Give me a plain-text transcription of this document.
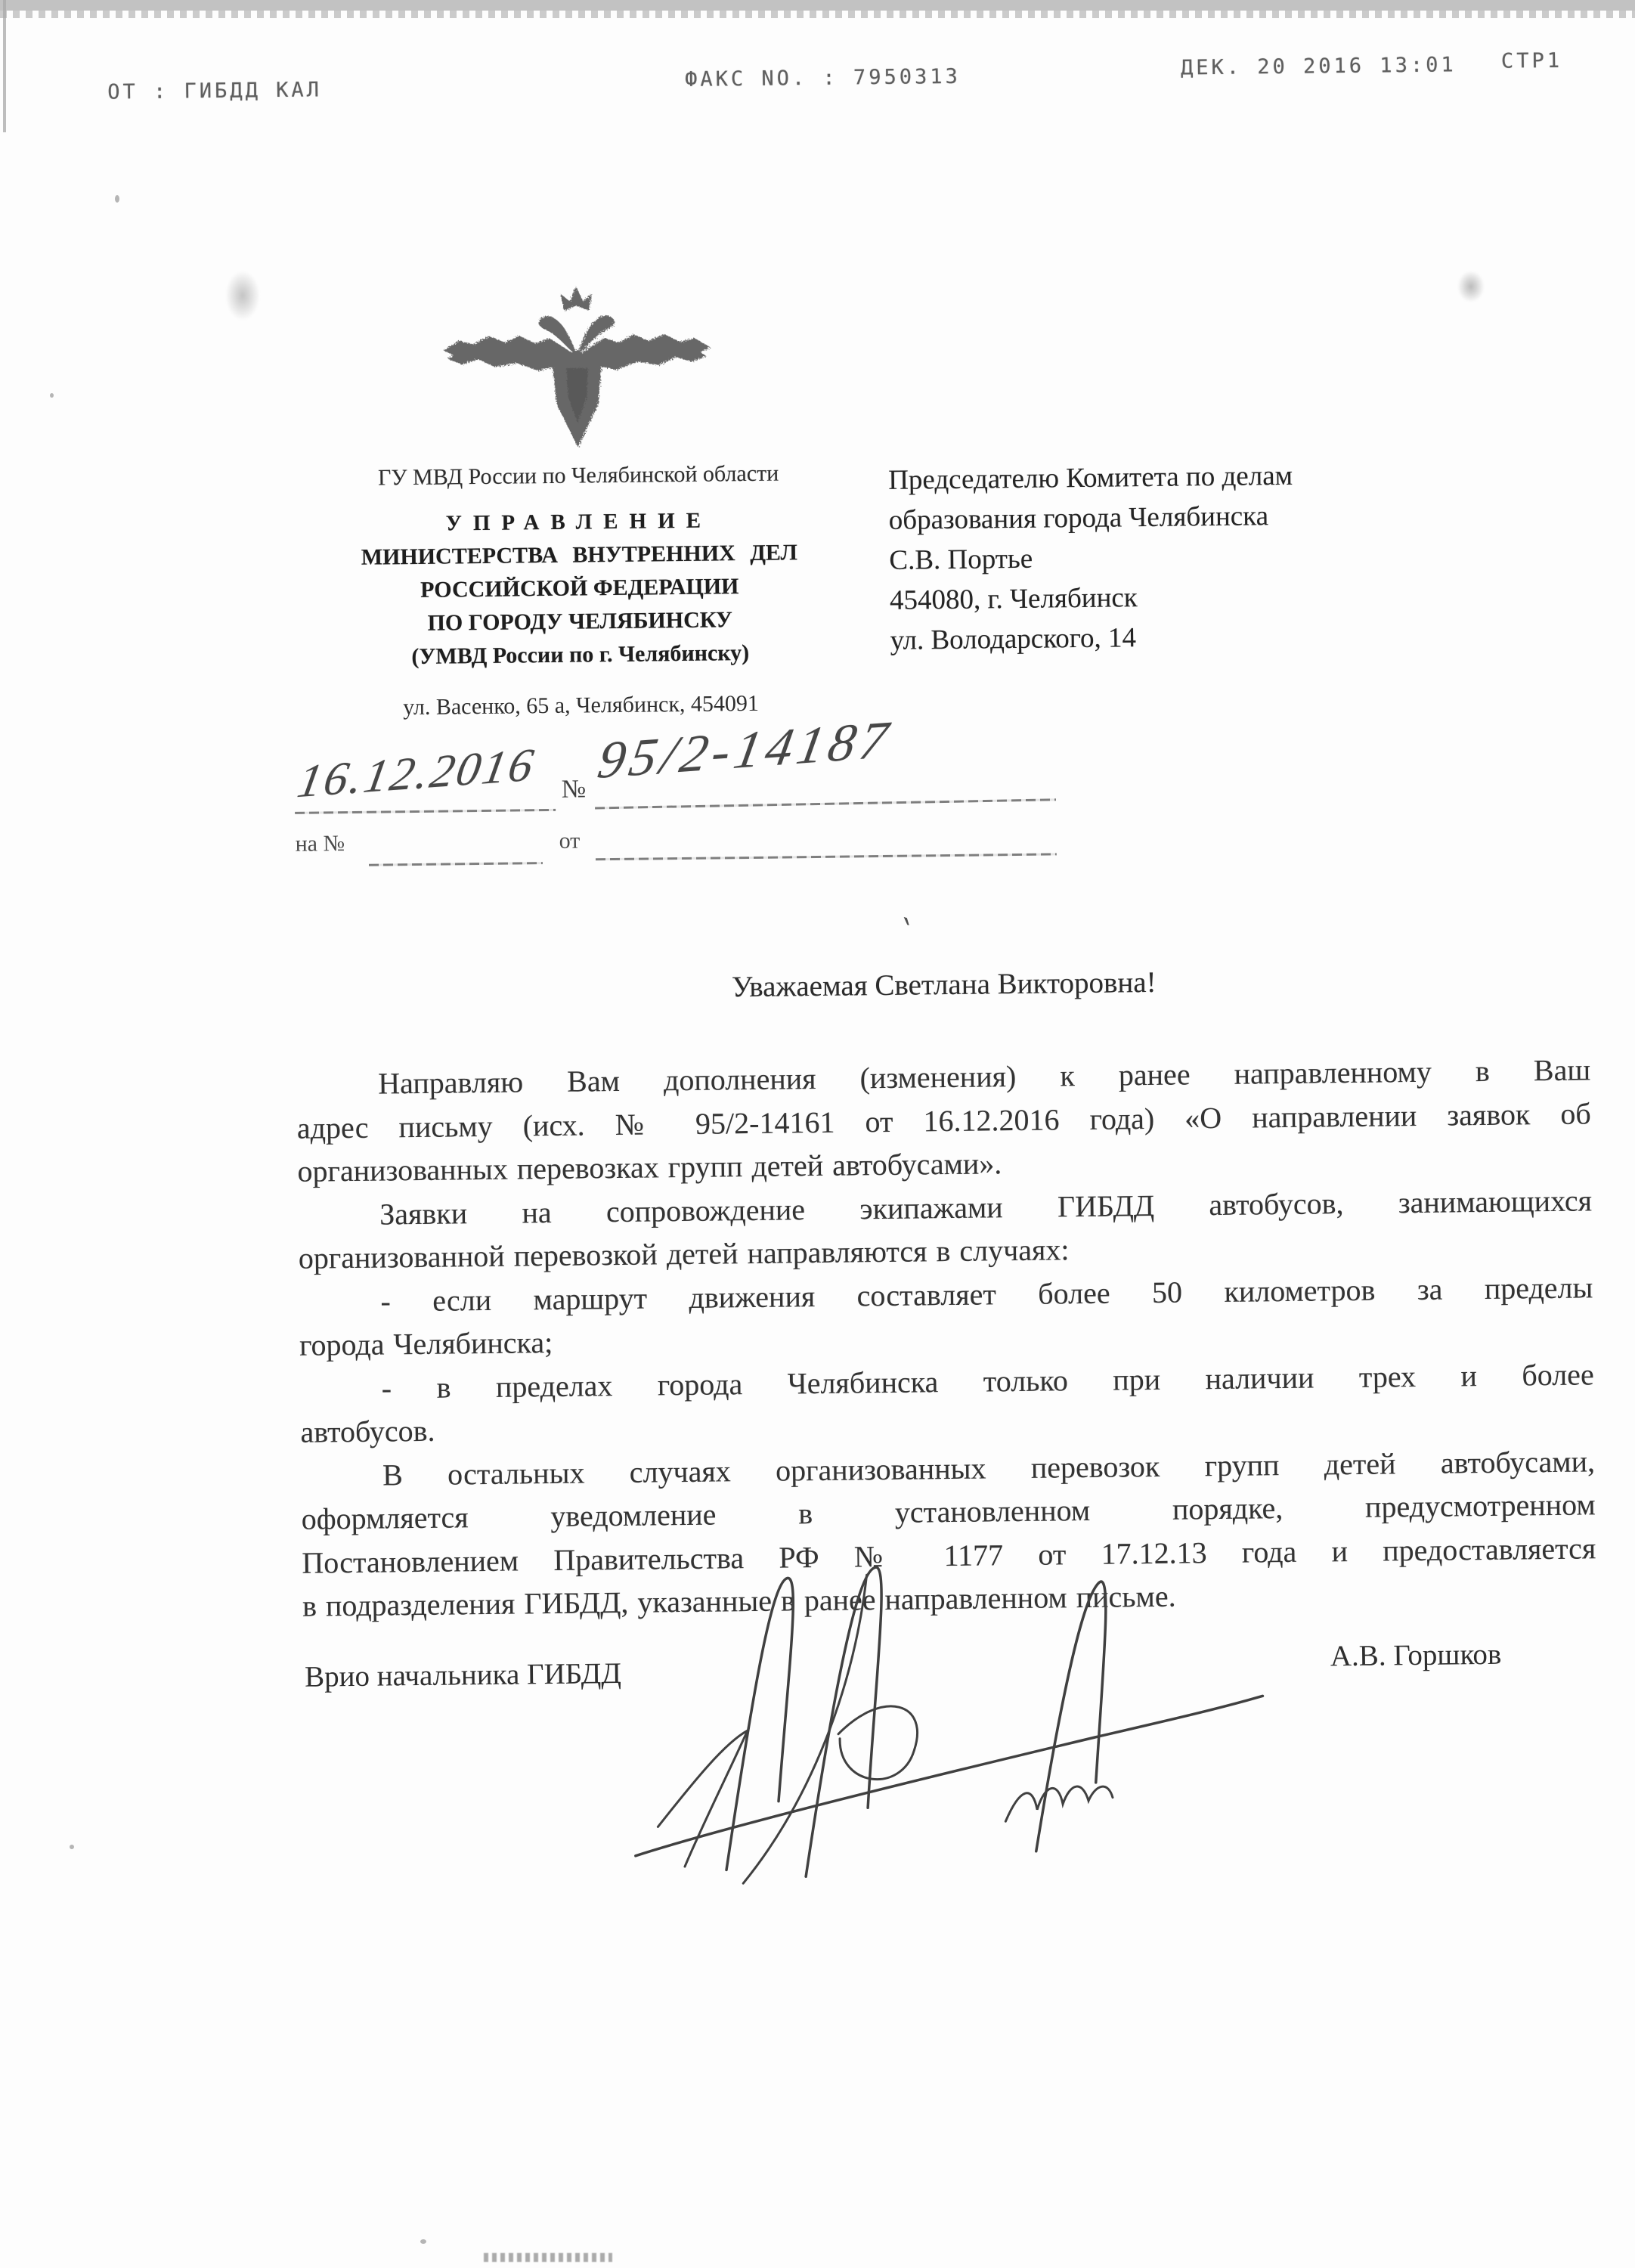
`
ОТ : ГИБДД КАЛ	ФАКС NO. : 7950313	ДЕК. 20 2016 13:01 СТР1
ГУ МВД России по Челябинской области
УПРАВЛЕНИЕ
МИНИСТЕРСТВА ВНУТРЕННИХ ДЕЛ
РОССИЙСКОЙ ФЕДЕРАЦИИ
ПО ГОРОДУ ЧЕЛЯБИНСКУ
(УМВД России по г. Челябинску)
ул. Васенко, 65 а, Челябинск, 454091
Председателю Комитета по делам
образования города Челябинска
С.В. Портье
454080, г. Челябинск
ул. Володарского, 14
16.12.2016 № 95/2-14187
на №	от
Уважаемая Светлана Викторовна!
Направляю Вам дополнения (изменения) к ранее направленному в Ваш
адрес письму (исх. № 95/2-14161 от 16.12.2016 года) «О направлении заявок об
организованных перевозках групп детей автобусами».
Заявки на сопровождение экипажами ГИБДД автобусов, занимающихся
организованной перевозкой детей направляются в случаях:
- если маршрут движения составляет более 50 километров за пределы
города Челябинска;
- в пределах города Челябинска только при наличии трех и более
автобусов.
В остальных случаях организованных перевозок групп детей автобусами,
оформляется уведомление в установленном порядке, предусмотренном
Постановлением Правительства РФ № 1177 от 17.12.13 года и предоставляется
в подразделения ГИБДД, указанные в ранее направленном письме.
Врио начальника ГИБДД
А.В. Горшков
